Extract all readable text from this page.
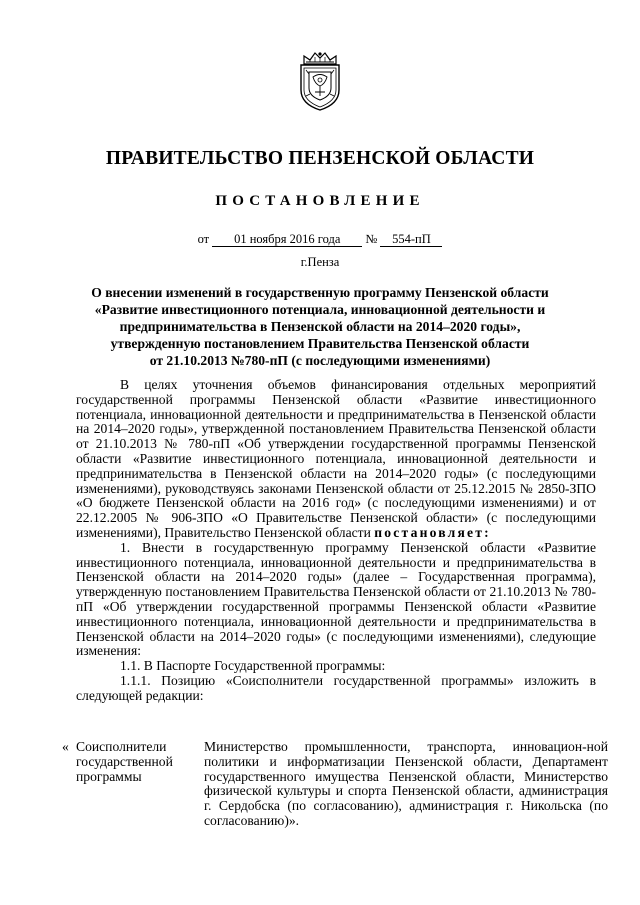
ПРАВИТЕЛЬСТВО ПЕНЗЕНСКОЙ ОБЛАСТИ
ПОСТАНОВЛЕНИЕ
от 01 ноября 2016 года № 554-пП
г.Пенза
О внесении изменений в государственную программу Пензенской области
«Развитие инвестиционного потенциала, инновационной деятельности и
предпринимательства в Пензенской области на 2014–2020 годы»,
утвержденную постановлением Правительства Пензенской области
от 21.10.2013 №780-пП (с последующими изменениями)

В целях уточнения объемов финансирования отдельных мероприятий государственной программы Пензенской области «Развитие инвестиционного потенциала, инновационной деятельности и предпринимательства в Пензенской области на 2014–2020 годы», утвержденной постановлением Правительства Пензенской области от 21.10.2013 № 780-пП «Об утверждении государственной программы Пензенской области «Развитие инвестиционного потенциала, инновационной деятельности и предпринимательства в Пензенской области на 2014–2020 годы» (с последующими изменениями), руководствуясь законами Пензенской области от 25.12.2015 № 2850-ЗПО «О бюджете Пензенской области на 2016 год» (с последующими изменениями) и от 22.12.2005 № 906-ЗПО «О Правительстве Пензенской области» (с последующими изменениями), Правительство Пензенской области постановляет:

1. Внести в государственную программу Пензенской области «Развитие инвестиционного потенциала, инновационной деятельности и предпринимательства в Пензенской области на 2014–2020 годы» (далее – Государственная программа), утвержденную постановлением Правительства Пензенской области от 21.10.2013 № 780-пП «Об утверждении государственной программы Пензенской области «Развитие инвестиционного потенциала, инновационной деятельности и предпринимательства в Пензенской области на 2014–2020 годы» (с последующими изменениями), следующие изменения:

1.1. В Паспорте Государственной программы:

1.1.1. Позицию «Соисполнители государственной программы» изложить в следующей редакции:

« Соисполнители
государственной
программы
Министерство промышленности, транспорта, инновацион-ной политики и информатизации Пензенской области, Департамент государственного имущества Пензенской области, Министерство физической культуры и спорта Пензенской области, администрация г. Сердобска (по согласованию), администрация г. Никольска (по согласованию)».
